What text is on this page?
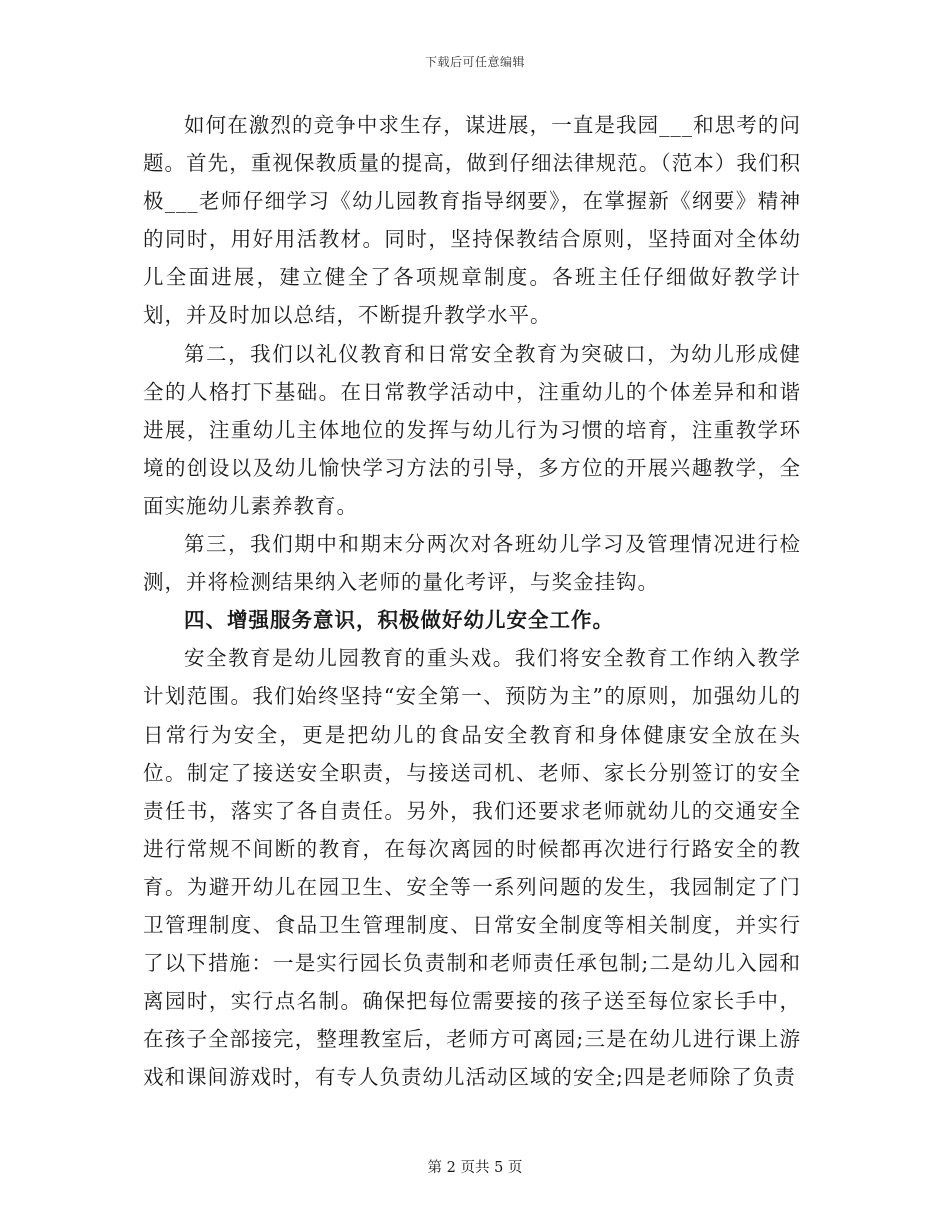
下载后可任意编辑

如何在激烈的竞争中求生存，谋进展，一直是我园___和思考的问题。首先，重视保教质量的提高，做到仔细法律规范。（范本）我们积极___老师仔细学习《幼儿园教育指导纲要》，在掌握新《纲要》精神的同时，用好用活教材。同时，坚持保教结合原则，坚持面对全体幼儿全面进展，建立健全了各项规章制度。各班主任仔细做好教学计划，并及时加以总结，不断提升教学水平。

第二，我们以礼仪教育和日常安全教育为突破口，为幼儿形成健全的人格打下基础。在日常教学活动中，注重幼儿的个体差异和和谐进展，注重幼儿主体地位的发挥与幼儿行为习惯的培育，注重教学环境的创设以及幼儿愉快学习方法的引导，多方位的开展兴趣教学，全面实施幼儿素养教育。

第三，我们期中和期末分两次对各班幼儿学习及管理情况进行检测，并将检测结果纳入老师的量化考评，与奖金挂钩。

四、增强服务意识，积极做好幼儿安全工作。

安全教育是幼儿园教育的重头戏。我们将安全教育工作纳入教学计划范围。我们始终坚持“安全第一、预防为主”的原则，加强幼儿的日常行为安全，更是把幼儿的食品安全教育和身体健康安全放在头位。制定了接送安全职责，与接送司机、老师、家长分别签订的安全责任书，落实了各自责任。另外，我们还要求老师就幼儿的交通安全进行常规不间断的教育，在每次离园的时候都再次进行行路安全的教育。为避开幼儿在园卫生、安全等一系列问题的发生，我园制定了门卫管理制度、食品卫生管理制度、日常安全制度等相关制度，并实行了以下措施：一是实行园长负责制和老师责任承包制;二是幼儿入园和离园时，实行点名制。确保把每位需要接的孩子送至每位家长手中，在孩子全部接完，整理教室后，老师方可离园;三是在幼儿进行课上游戏和课间游戏时，有专人负责幼儿活动区域的安全;四是老师除了负责

第 2 页共 5 页
